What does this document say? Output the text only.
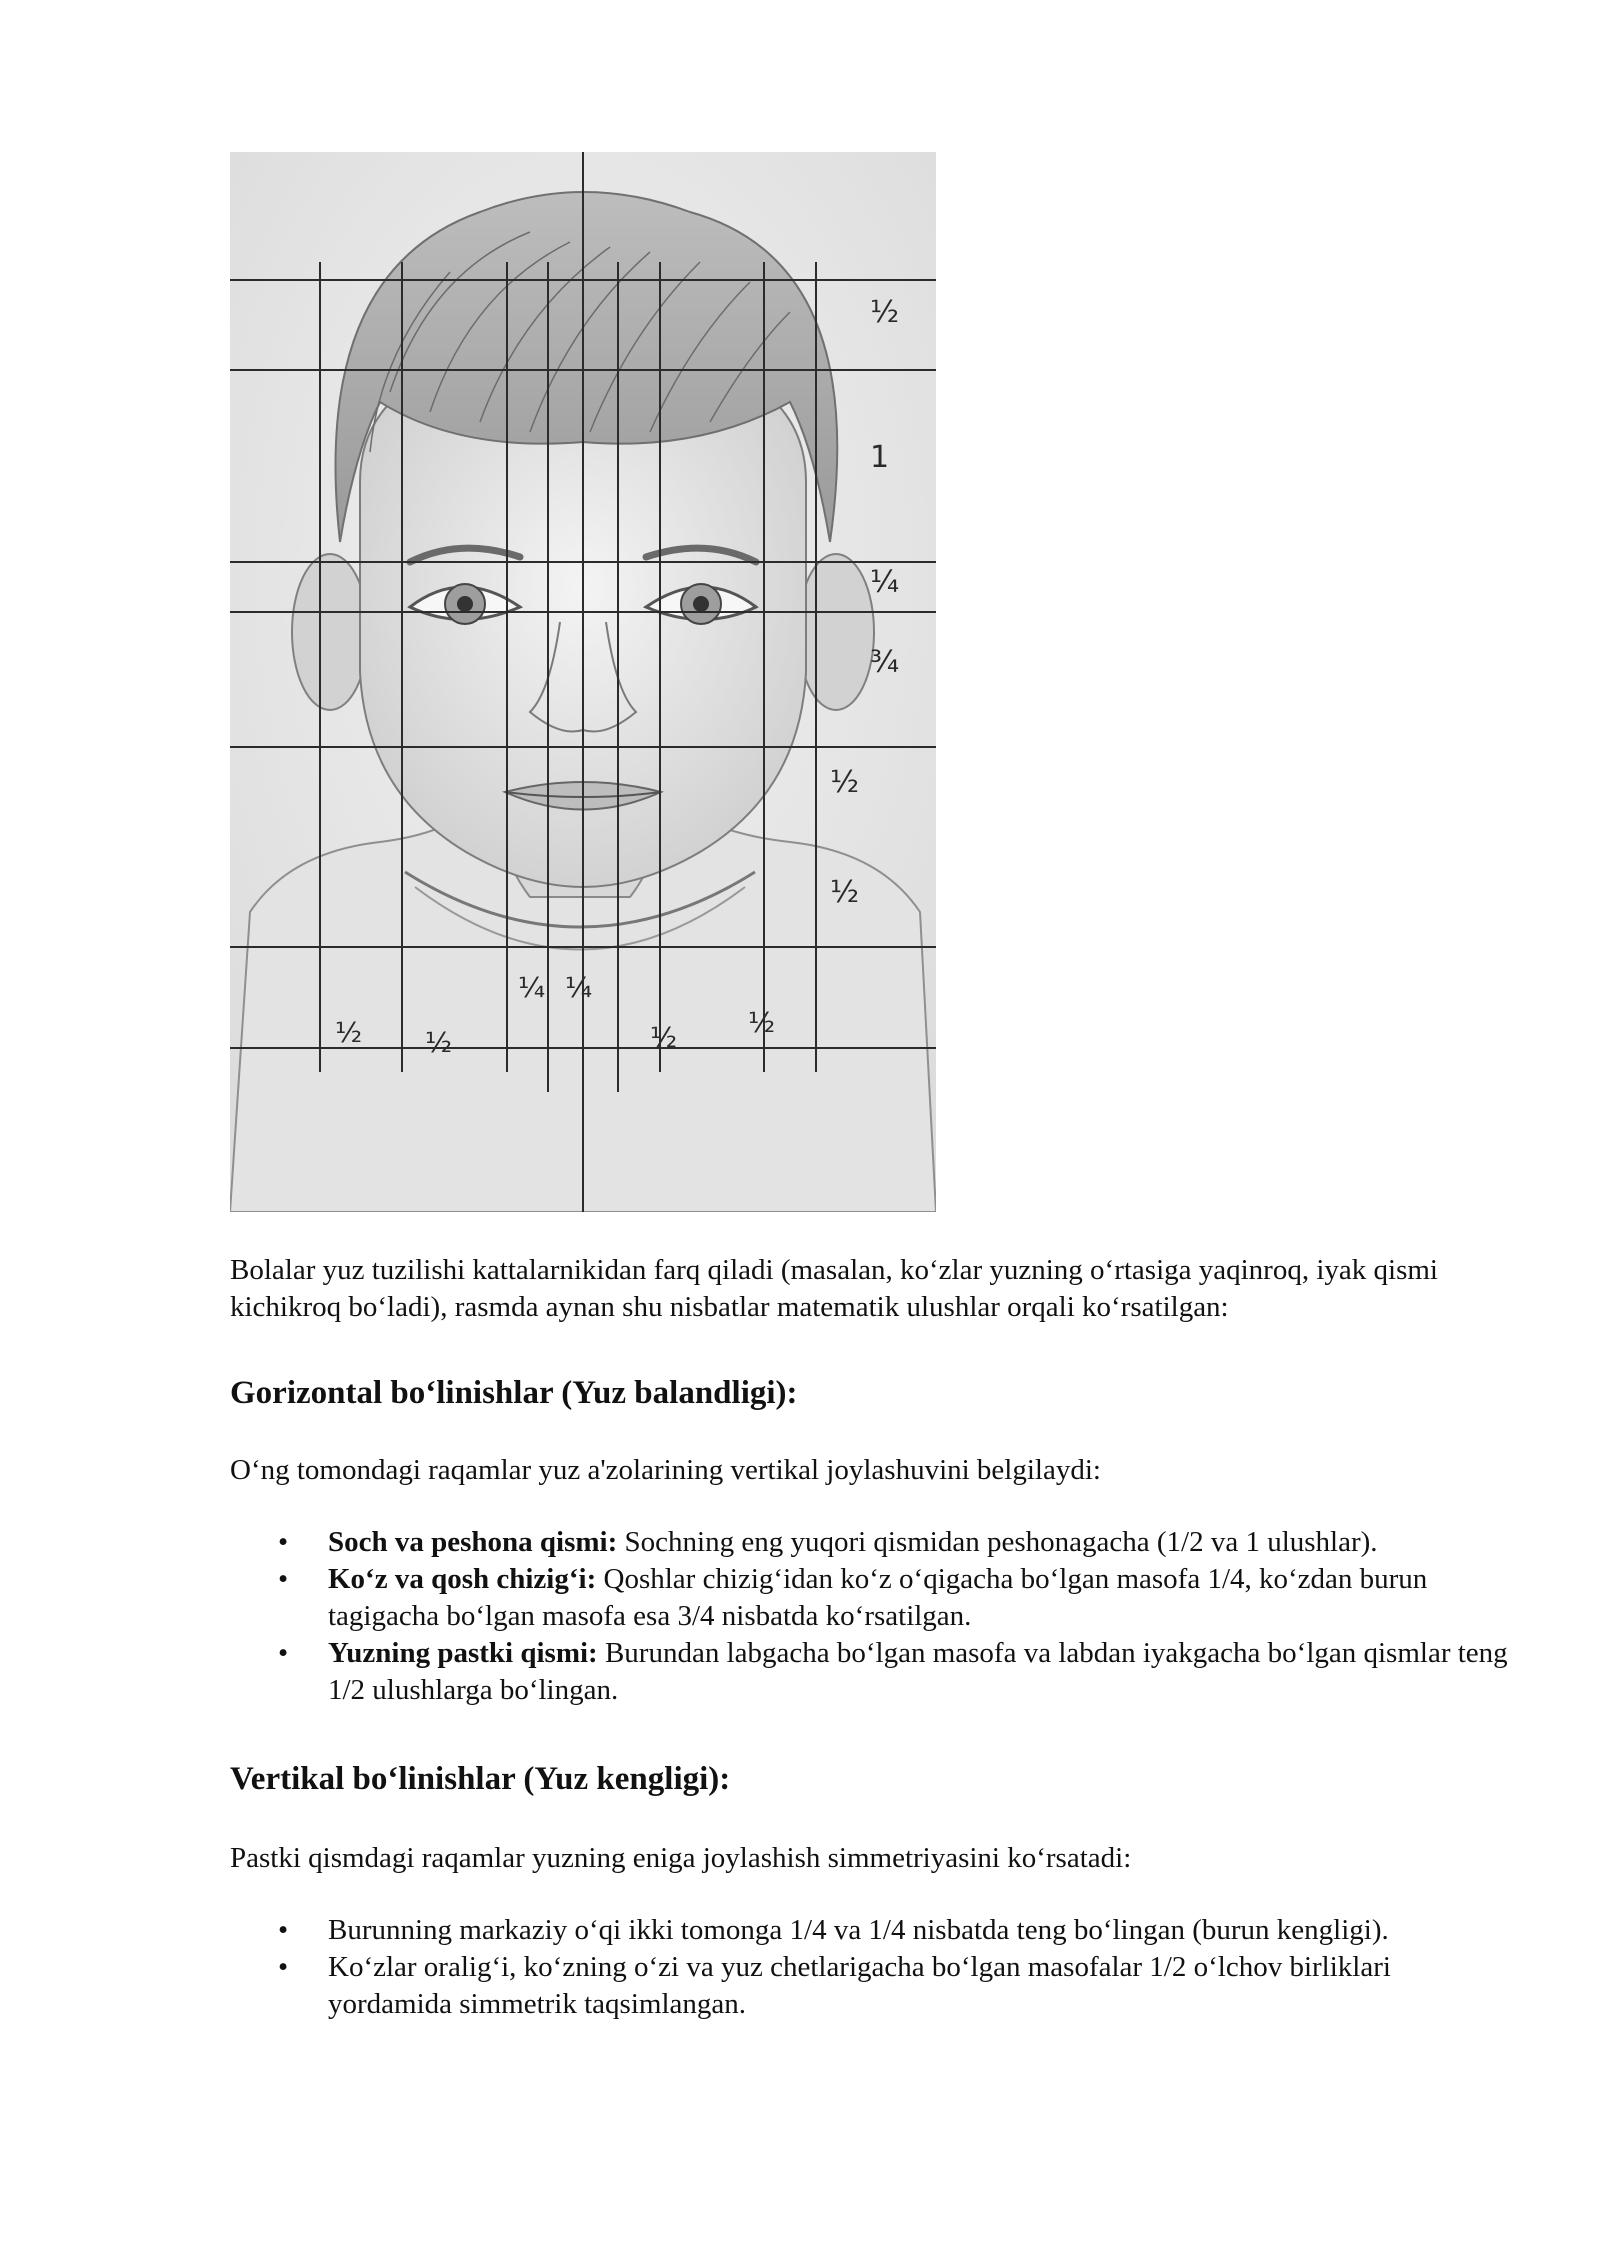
½
1
¼
¾
½
½
½ ½
¼ ¼
½	½

Bolalar yuz tuzilishi kattalarnikidan farq qiladi (masalan, ko‘zlar yuzning o‘rtasiga yaqinroq, iyak qismi kichikroq bo‘ladi), rasmda aynan shu nisbatlar matematik ulushlar orqali ko‘rsatilgan:

Gorizontal bo‘linishlar (Yuz balandligi):

O‘ng tomondagi raqamlar yuz a'zolarining vertikal joylashuvini belgilaydi:

• Soch va peshona qismi: Sochning eng yuqori qismidan peshonagacha (1/2 va 1 ulushlar).
• Ko‘z va qosh chizig‘i: Qoshlar chizig‘idan ko‘z o‘qigacha bo‘lgan masofa 1/4, ko‘zdan burun tagigacha bo‘lgan masofa esa 3/4 nisbatda ko‘rsatilgan.
• Yuzning pastki qismi: Burundan labgacha bo‘lgan masofa va labdan iyakgacha bo‘lgan qismlar teng 1/2 ulushlarga bo‘lingan.
Vertikal bo‘linishlar (Yuz kengligi):

Pastki qismdagi raqamlar yuzning eniga joylashish simmetriyasini ko‘rsatadi:

• Burunning markaziy o‘qi ikki tomonga 1/4 va 1/4 nisbatda teng bo‘lingan (burun kengligi).
• Ko‘zlar oralig‘i, ko‘zning o‘zi va yuz chetlarigacha bo‘lgan masofalar 1/2 o‘lchov birliklari yordamida simmetrik taqsimlangan.
